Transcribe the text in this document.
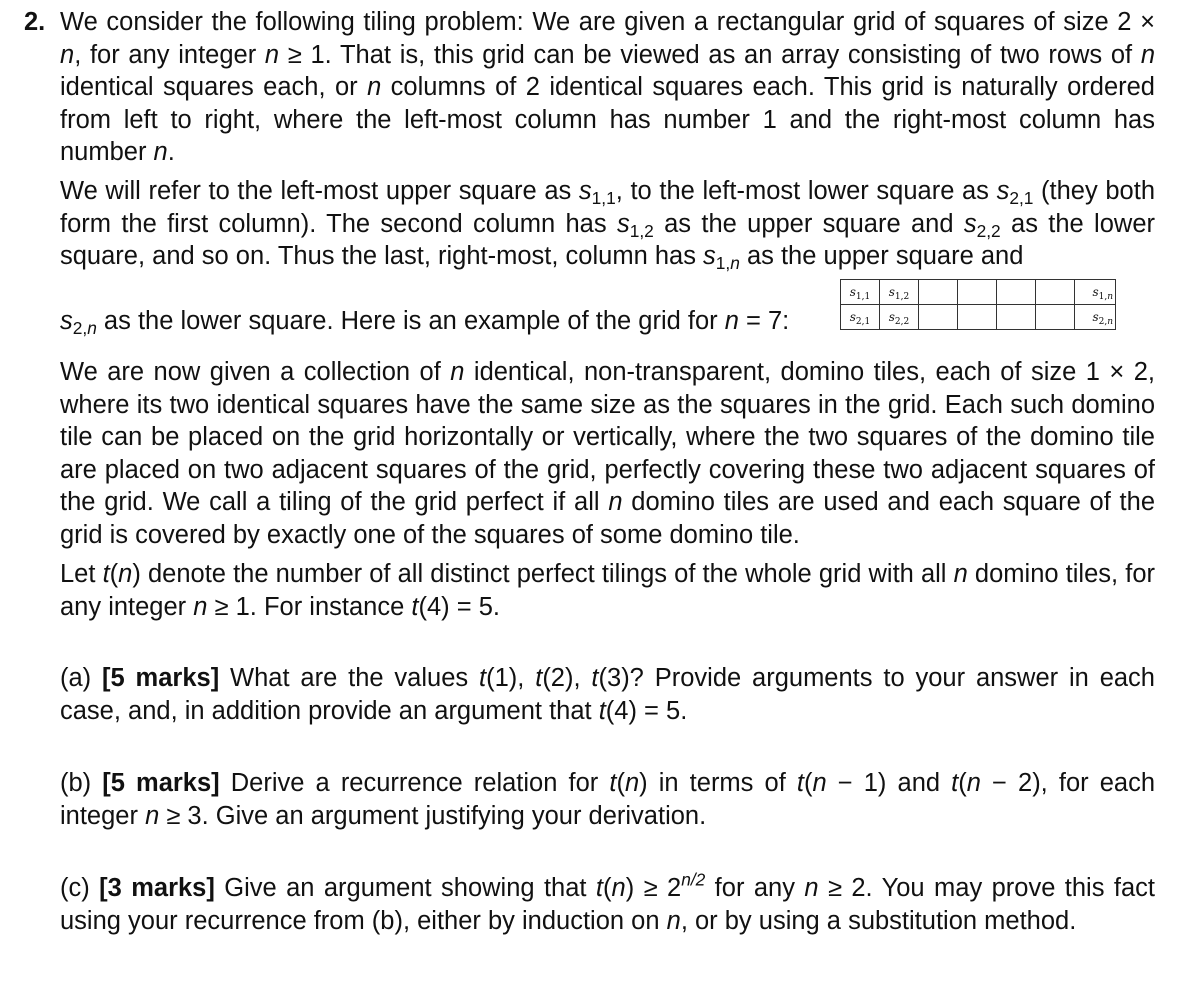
2. We consider the following tiling problem: We are given a rectangular grid of squares of size 2 × n, for any integer n ≥ 1. That is, this grid can be viewed as an array consisting of two rows of n identical squares each, or n columns of 2 identical squares each. This grid is naturally ordered from left to right, where the left-most column has number 1 and the right-most column has number n.
We will refer to the left-most upper square as $s_{1,1}$, to the left-most lower square as $s_{2,1}$ (they both form the first column). The second column has $s_{1,2}$ as the upper square and $s_{2,2}$ as the lower square, and so on. Thus the last, right-most, column has $s_{1,n}$ as the upper square and

$s_{2,n}$ as the lower square. Here is an example of the grid for n = 7:
$s_{1,1}$	$s_{1,2}$					$s_{1,n}$
$s_{2,1}$	$s_{2,2}$					$s_{2,n}$
We are now given a collection of n identical, non-transparent, domino tiles, each of size 1 × 2, where its two identical squares have the same size as the squares in the grid. Each such domino tile can be placed on the grid horizontally or vertically, where the two squares of the domino tile are placed on two adjacent squares of the grid, perfectly covering these two adjacent squares of the grid. We call a tiling of the grid perfect if all n domino tiles are used and each square of the grid is covered by exactly one of the squares of some domino tile.
Let t(n) denote the number of all distinct perfect tilings of the whole grid with all n domino tiles, for any integer n ≥ 1. For instance t(4) = 5.
(a) [5 marks] What are the values t(1), t(2), t(3)? Provide arguments to your answer in each case, and, in addition provide an argument that t(4) = 5.
(b) [5 marks] Derive a recurrence relation for t(n) in terms of t(n − 1) and t(n − 2), for each integer n ≥ 3. Give an argument justifying your derivation.
(c) [3 marks] Give an argument showing that $t(n) \ge 2^{n/2}$ for any n ≥ 2. You may prove this fact using your recurrence from (b), either by induction on n, or by using a substitution method.
